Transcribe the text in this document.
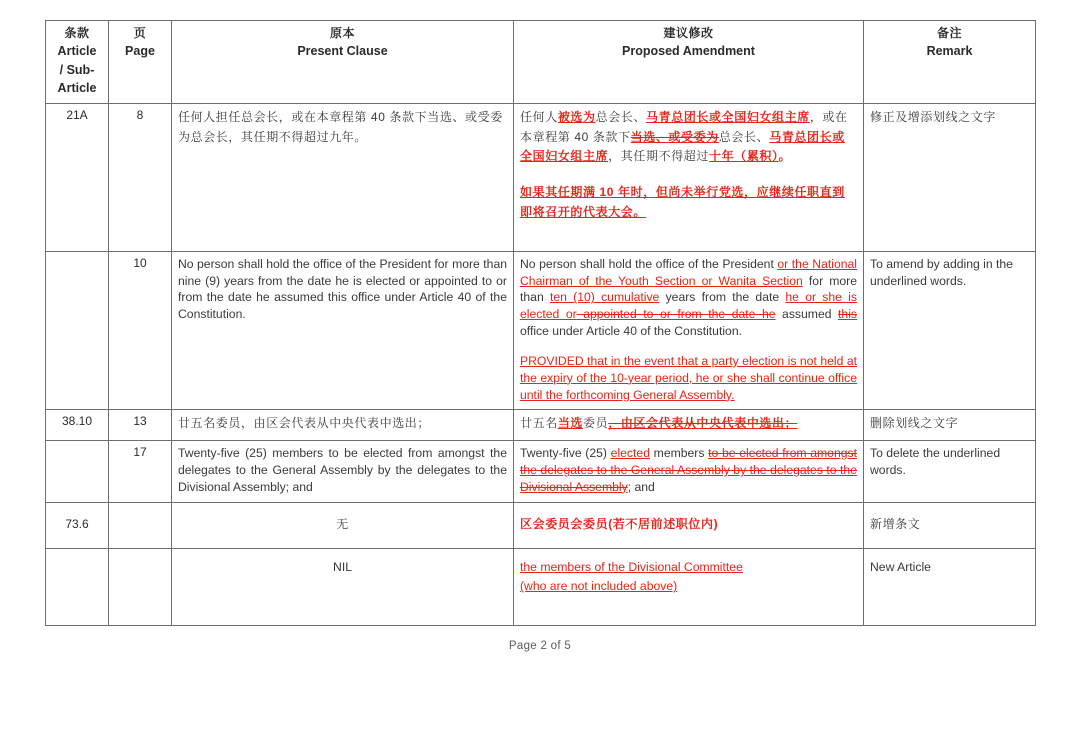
条款
Article
/ Sub-
Article	页
Page	原本
Present Clause	建议修改
Proposed Amendment	备注
Remark

21A	8	任何人担任总会长，或在本章程第 40 条款下当选、或受委为总会长，其任期不得超过九年。	任何人被选为总会长、马青总团长或全国妇女组主席，或在本章程第 40 条款下当选、或受委为总会长、马青总团长或全国妇女组主席，其任期不得超过十年（累积）。

如果其任期满 10 年时，但尚未举行党选，应继续任职直到即将召开的代表大会。	修正及增添划线之文字
	10	No person shall hold the office of the President for more than nine (9) years from the date he is elected or appointed to or from the date he assumed this office under Article 40 of the Constitution.	No person shall hold the office of the President or the National Chairman of the Youth Section or Wanita Section for more than ten (10) cumulative years from the date he or she is elected or appointed to or from the date he assumed this office under Article 40 of the Constitution.

PROVIDED that in the event that a party election is not held at the expiry of the 10-year period, he or she shall continue office until the forthcoming General Assembly.	To amend by adding in the underlined words.
38.10	13	廿五名委员，由区会代表从中央代表中选出；	廿五名当选委员，由区会代表从中央代表中选出；	删除划线之文字
	17	Twenty-five (25) members to be elected from amongst the delegates to the General Assembly by the delegates to the Divisional Assembly; and	Twenty-five (25) elected members to be elected from amongst the delegates to the General Assembly by the delegates to the Divisional Assembly; and	To delete the underlined words.
73.6		无	区会委员会委员(若不居前述职位内)	新增条文
		NIL	the members of the Divisional Committee

(who are not included above)	New Article
Page 2 of 5
